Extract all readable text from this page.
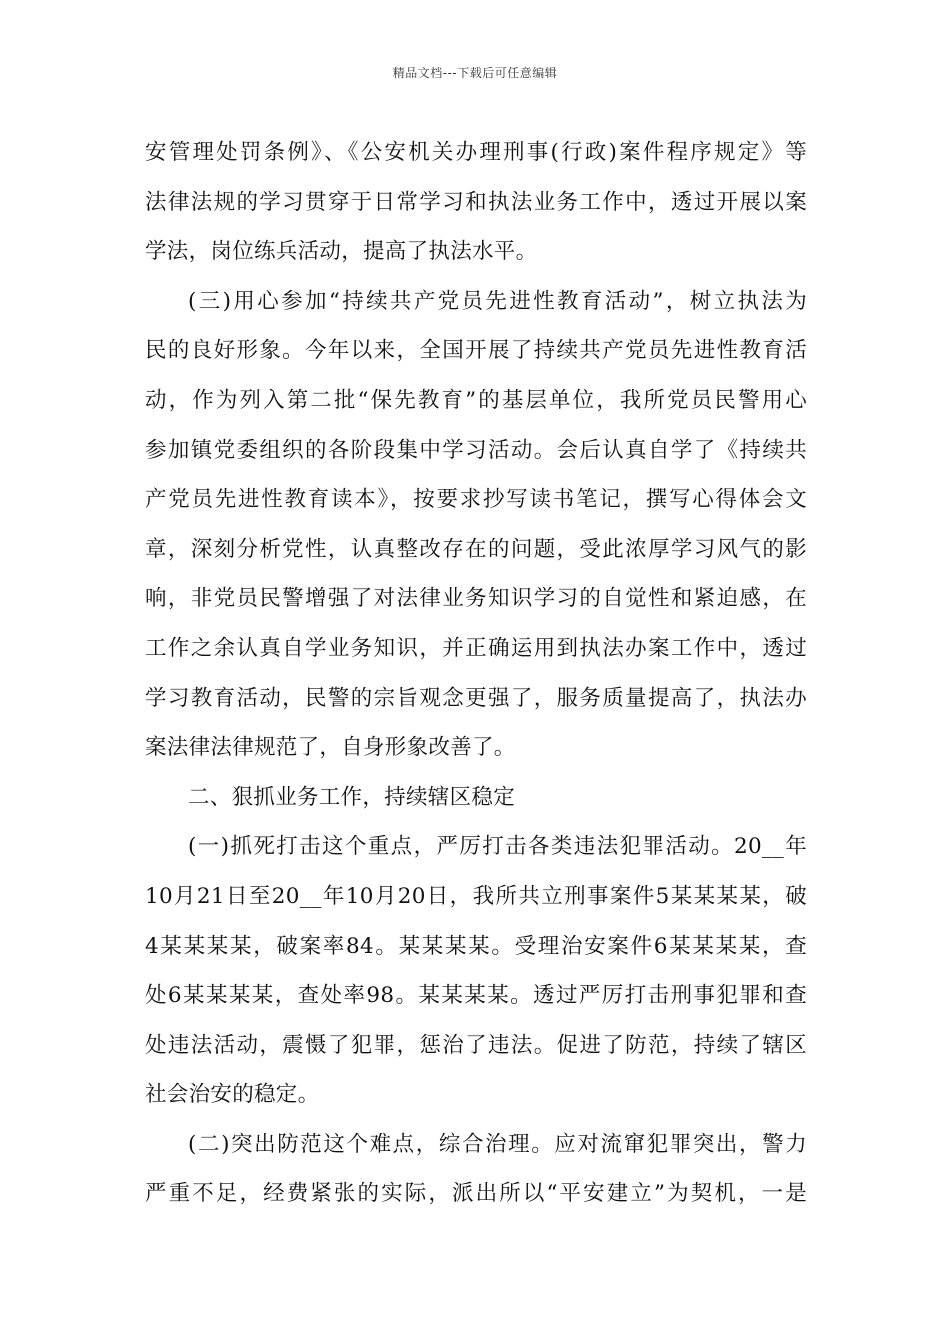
精品文档---下载后可任意编辑
安管理处罚条例》、《公安机关办理刑事(行政)案件程序规定》等
法律法规的学习贯穿于日常学习和执法业务工作中，透过开展以案
学法，岗位练兵活动，提高了执法水平。
(三)用心参加“持续共产党员先进性教育活动”，树立执法为
民的良好形象。今年以来，全国开展了持续共产党员先进性教育活
动，作为列入第二批“保先教育”的基层单位，我所党员民警用心
参加镇党委组织的各阶段集中学习活动。会后认真自学了《持续共
产党员先进性教育读本》，按要求抄写读书笔记，撰写心得体会文
章，深刻分析党性，认真整改存在的问题，受此浓厚学习风气的影
响，非党员民警增强了对法律业务知识学习的自觉性和紧迫感，在
工作之余认真自学业务知识，并正确运用到执法办案工作中，透过
学习教育活动，民警的宗旨观念更强了，服务质量提高了，执法办
案法律法律规范了，自身形象改善了。
二、狠抓业务工作，持续辖区稳定
(一)抓死打击这个重点，严厉打击各类违法犯罪活动。20__年
10月21日至20__年10月20日，我所共立刑事案件5某某某某，破
4某某某某，破案率84。某某某某。受理治安案件6某某某某，查
处6某某某某，查处率98。某某某某。透过严厉打击刑事犯罪和查
处违法活动，震慑了犯罪，惩治了违法。促进了防范，持续了辖区
社会治安的稳定。
(二)突出防范这个难点，综合治理。应对流窜犯罪突出，警力
严重不足，经费紧张的实际，派出所以“平安建立”为契机，一是
